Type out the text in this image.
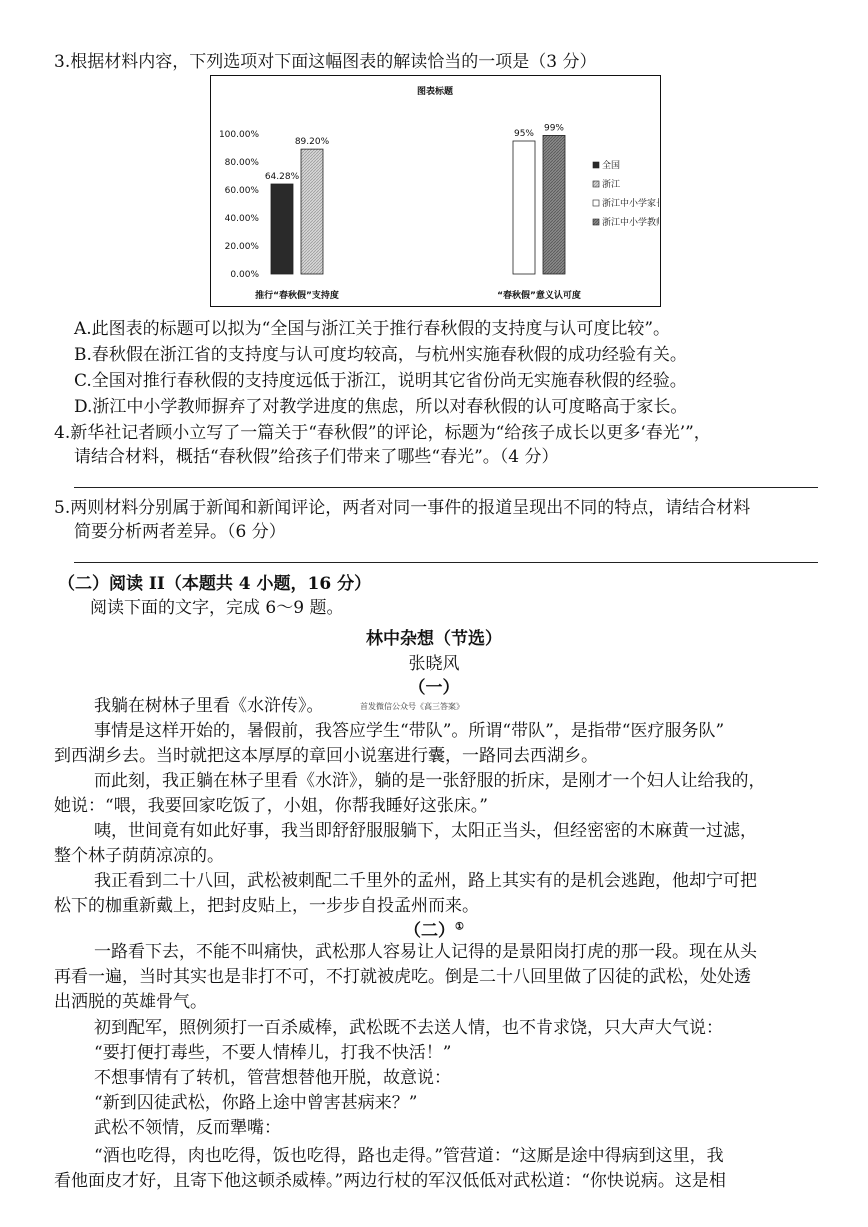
3.根据材料内容，下列选项对下面这幅图表的解读恰当的一项是（3 分）
图表标题
100.00%
80.00%
60.00%
40.00%
20.00%
0.00%
64.28%
89.20%
推行“春秋假”支持度
95%
99%
“春秋假”意义认可度
全国
浙江
浙江中小学家长
浙江中小学教师
A.此图表的标题可以拟为“全国与浙江关于推行春秋假的支持度与认可度比较”。
B.春秋假在浙江省的支持度与认可度均较高，与杭州实施春秋假的成功经验有关。
C.全国对推行春秋假的支持度远低于浙江，说明其它省份尚无实施春秋假的经验。
D.浙江中小学教师摒弃了对教学进度的焦虑，所以对春秋假的认可度略高于家长。
4.新华社记者顾小立写了一篇关于“春秋假”的评论，标题为“给孩子成长以更多‘春光’”，
请结合材料，概括“春秋假”给孩子们带来了哪些“春光”。（4 分）
5.两则材料分别属于新闻和新闻评论，两者对同一事件的报道呈现出不同的特点，请结合材料
简要分析两者差异。（6 分）
（二）阅读 II（本题共 4 小题，16 分）
阅读下面的文字，完成 6～9 题。
林中杂想（节选）
张晓风
（一）
我躺在树林子里看《水浒传》。	首发微信公众号《高三答案》
事情是这样开始的，暑假前，我答应学生“带队”。所谓“带队”，是指带“医疗服务队”
到西湖乡去。当时就把这本厚厚的章回小说塞进行囊，一路同去西湖乡。
而此刻，我正躺在林子里看《水浒》，躺的是一张舒服的折床，是刚才一个妇人让给我的，
她说：“喂，我要回家吃饭了，小姐，你帮我睡好这张床。”
咦，世间竟有如此好事，我当即舒舒服服躺下，太阳正当头，但经密密的木麻黄一过滤，
整个林子荫荫凉凉的。
我正看到二十八回，武松被刺配二千里外的孟州，路上其实有的是机会逃跑，他却宁可把
松下的枷重新戴上，把封皮贴上，一步步自投孟州而来。
（二）①
一路看下去，不能不叫痛快，武松那人容易让人记得的是景阳岗打虎的那一段。现在从头
再看一遍，当时其实也是非打不可，不打就被虎吃。倒是二十八回里做了囚徒的武松，处处透
出洒脱的英雄骨气。
初到配军，照例须打一百杀威棒，武松既不去送人情，也不肯求饶，只大声大气说：
“要打便打毒些，不要人情棒儿，打我不快活！”
不想事情有了转机，管营想替他开脱，故意说：
“新到囚徒武松，你路上途中曾害甚病来？”
武松不领情，反而犟嘴：
“酒也吃得，肉也吃得，饭也吃得，路也走得。”管营道：“这厮是途中得病到这里，我
看他面皮才好，且寄下他这顿杀威棒。”两边行杖的军汉低低对武松道：“你快说病。这是相
